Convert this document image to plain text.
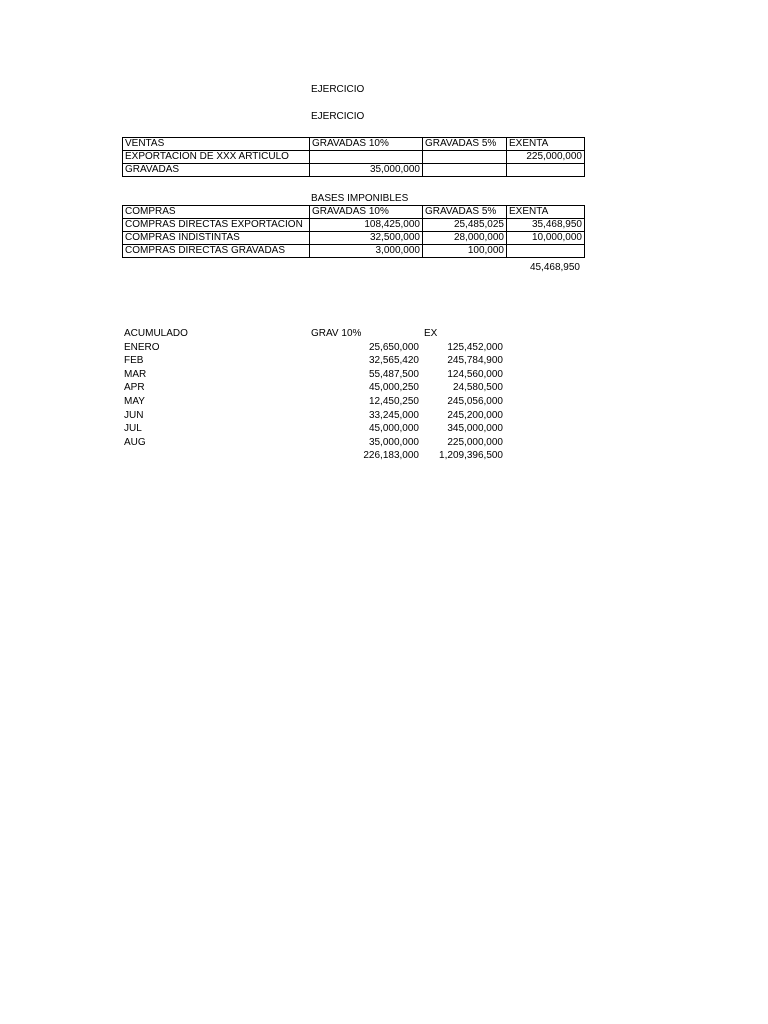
EJERCICIO
EJERCICIO
VENTAS	GRAVADAS 10%	GRAVADAS 5%	EXENTA
EXPORTACION DE XXX ARTICULO			225,000,000
GRAVADAS	35,000,000		
BASES IMPONIBLES
COMPRAS	GRAVADAS 10%	GRAVADAS 5%	EXENTA
COMPRAS DIRECTAS EXPORTACION	108,425,000	25,485,025	35,468,950
COMPRAS INDISTINTAS	32,500,000	28,000,000	10,000,000
COMPRAS DIRECTAS GRAVADAS	3,000,000	100,000	
45,468,950
ACUMULADO	GRAV 10%	EX
ENERO	25,650,000	125,452,000
FEB	32,565,420	245,784,900
MAR	55,487,500	124,560,000
APR	45,000,250	24,580,500
MAY	12,450,250	245,056,000
JUN	33,245,000	245,200,000
JUL	45,000,000	345,000,000
AUG	35,000,000	225,000,000
	226,183,000	1,209,396,500
